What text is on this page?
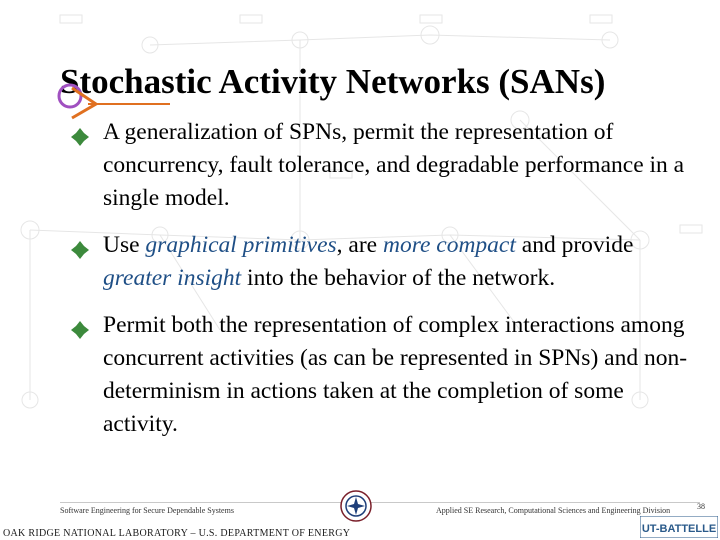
Stochastic Activity Networks (SANs)
A generalization of SPNs, permit the representation of concurrency, fault tolerance, and degradable performance in a single model.
Use graphical primitives, are more compact and provide greater insight into the behavior of the network.
Permit both the representation of complex interactions among concurrent activities (as can be represented in SPNs) and non-determinism in actions taken at the completion of some activity.
Software Engineering for Secure Dependable Systems	Applied SE Research, Computational Sciences and Engineering Division	38
OAK RIDGE NATIONAL LABORATORY – U.S. DEPARTMENT OF ENERGY	UT-BATTELLE
